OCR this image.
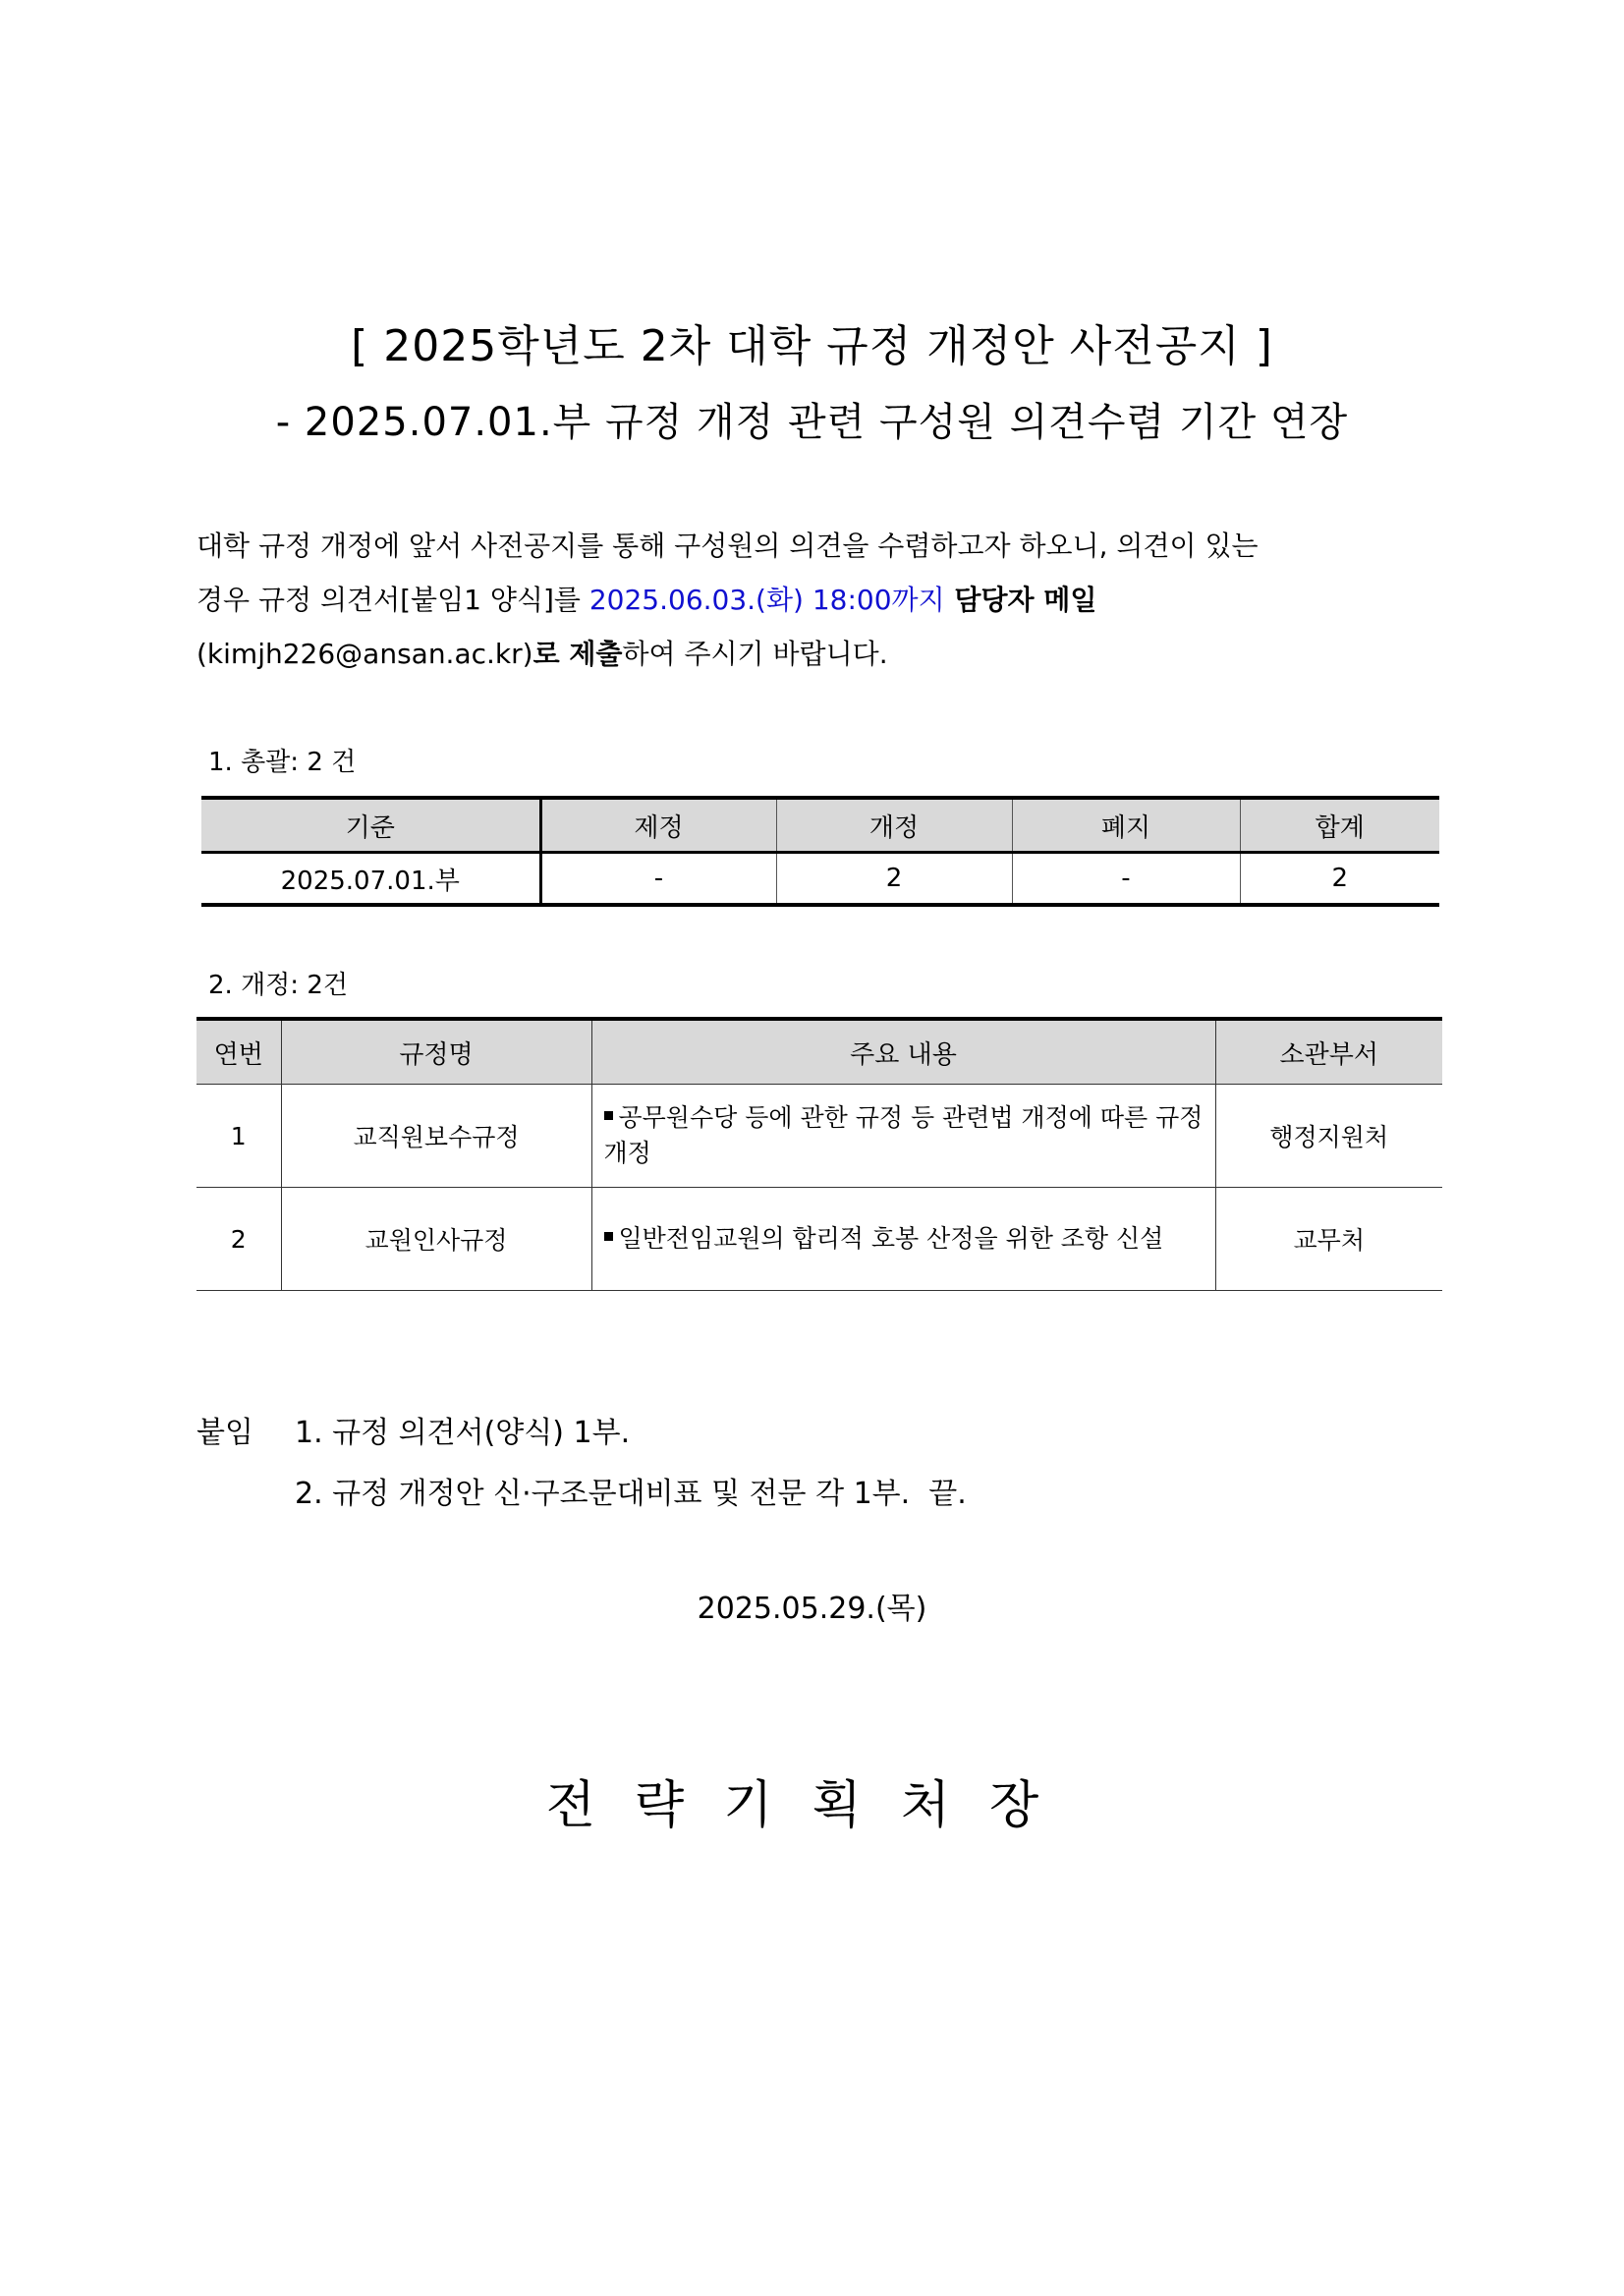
[ 2025학년도 2차 대학 규정 개정안 사전공지 ]
- 2025.07.01.부 규정 개정 관련 구성원 의견수렴 기간 연장
대학 규정 개정에 앞서 사전공지를 통해 구성원의 의견을 수렴하고자 하오니, 의견이 있는
경우 규정 의견서[붙임1 양식]를 2025.06.03.(화) 18:00까지 담당자 메일
(kimjh226@ansan.ac.kr)로 제출하여 주시기 바랍니다.
1. 총괄: 2 건
기준	제정	개정	폐지	합계
2025.07.01.부	-	2	-	2
2. 개정: 2건
연번	규정명	주요 내용	소관부서
1	교직원보수규정	공무원수당 등에 관한 규정 등 관련법 개정에 따른 규정 개정	행정지원처
2	교원인사규정	일반전임교원의 합리적 호봉 산정을 위한 조항 신설	교무처
붙임 1. 규정 의견서(양식) 1부.
2. 규정 개정안 신·구조문대비표 및 전문 각 1부.  끝.
2025.05.29.(목)
전략기획처장
